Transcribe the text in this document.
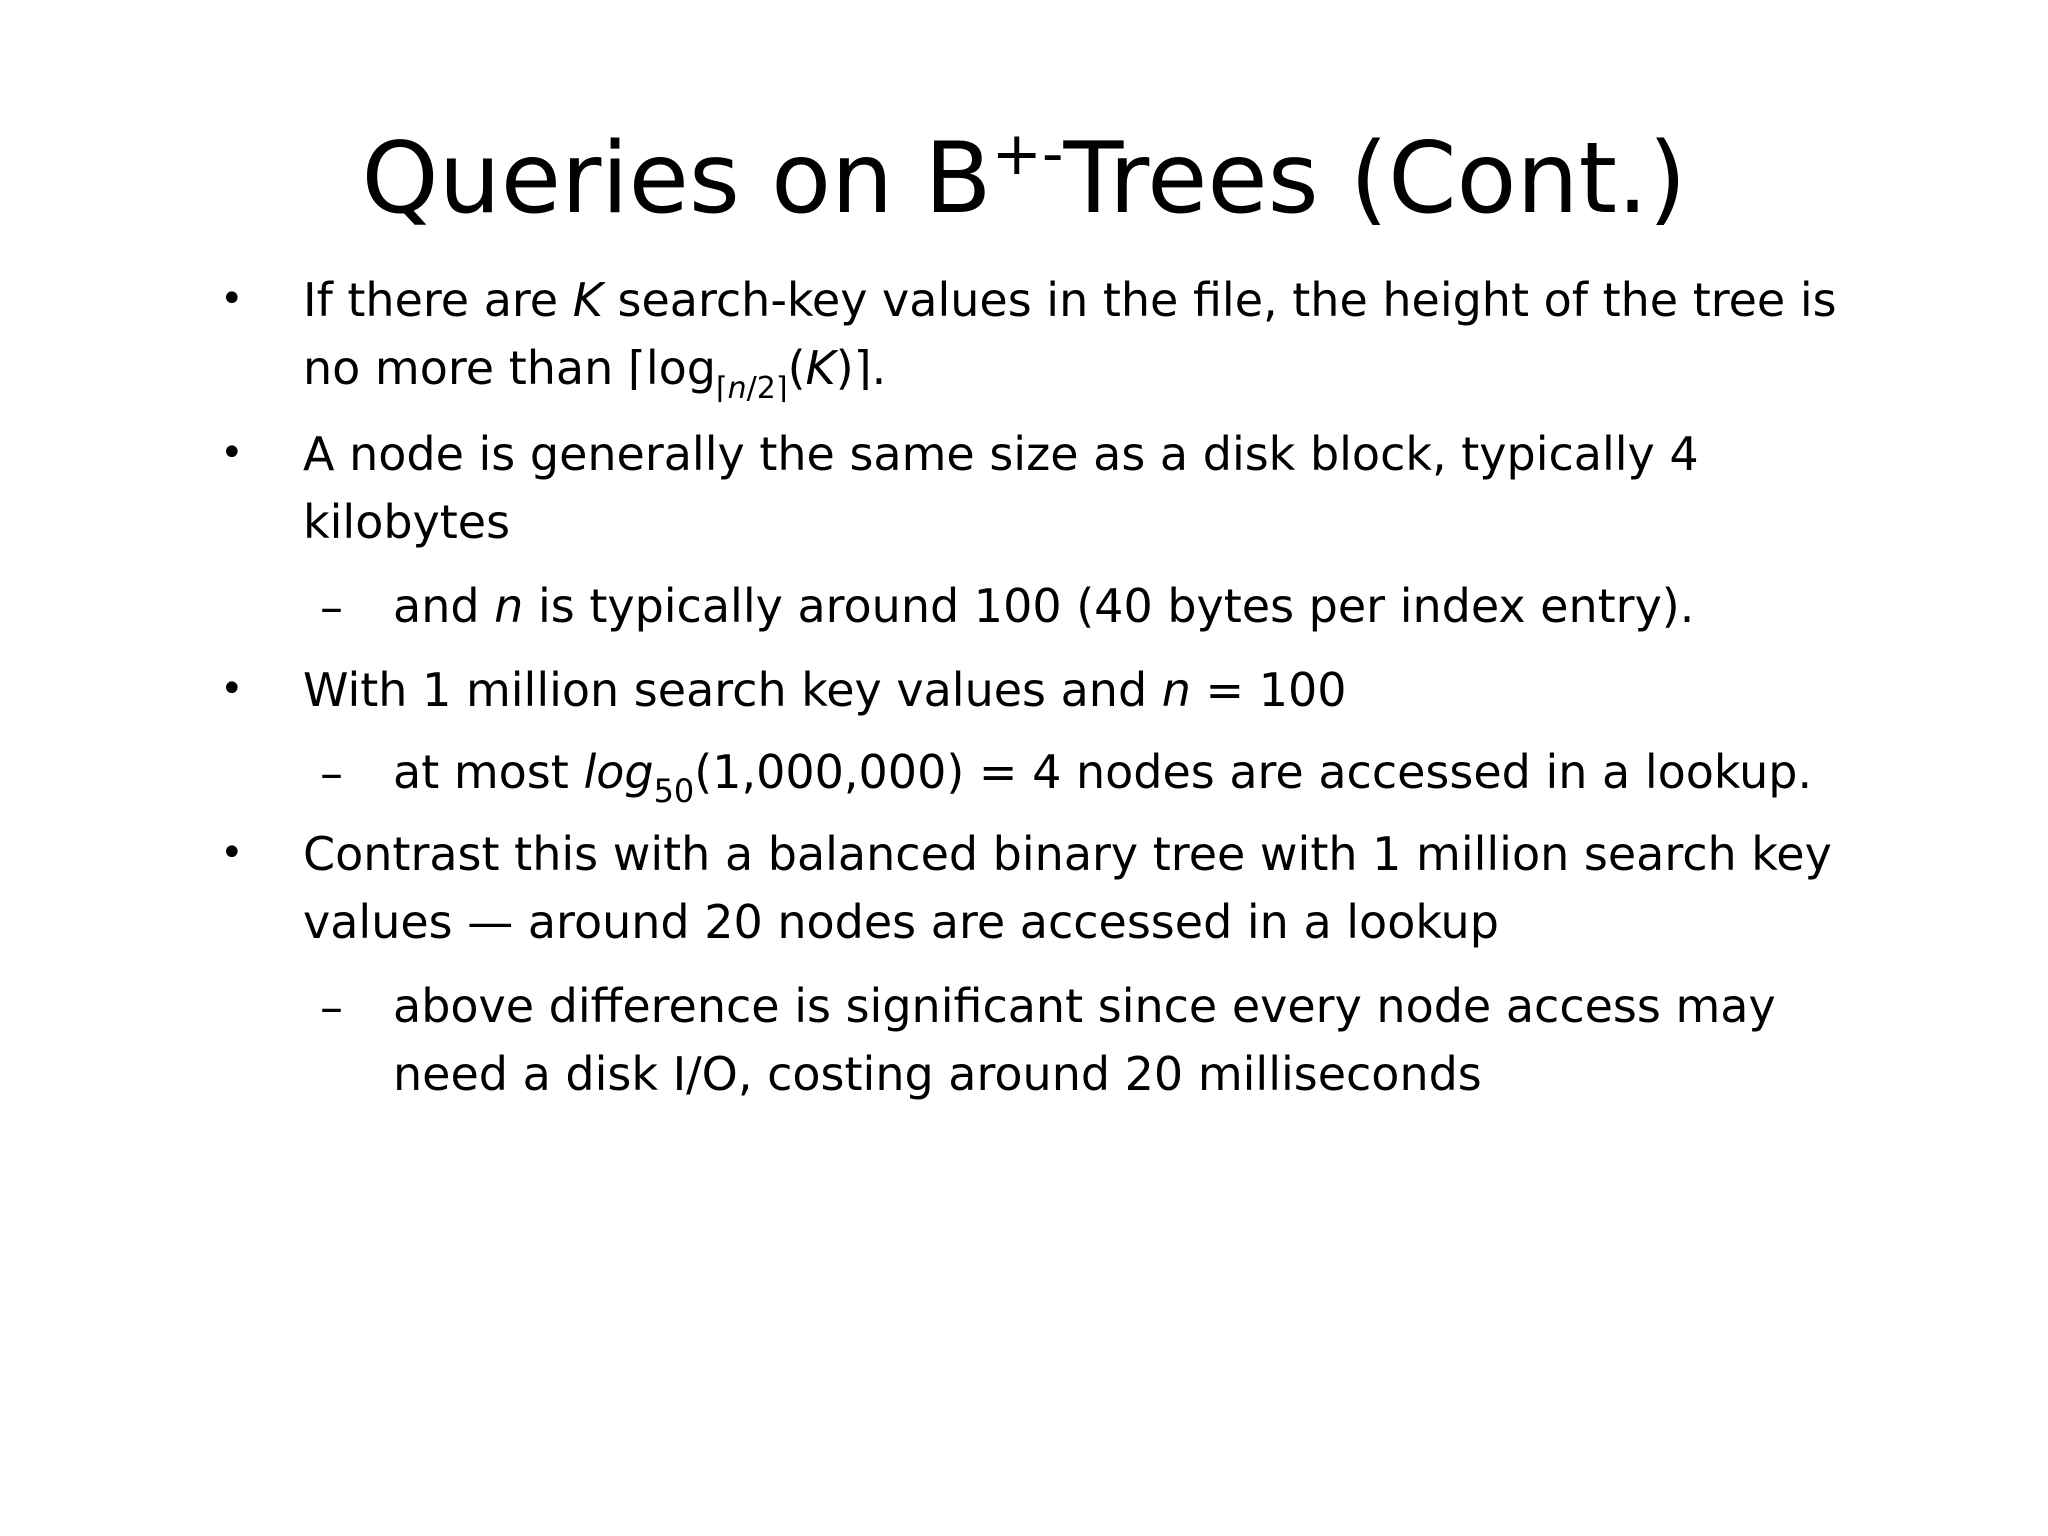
Queries on B+-Trees (Cont.)
• If there are K search-key values in the file, the height of the tree is
no more than $⌈\log_{⌈n/2⌉}(K)⌉$.
• A node is generally the same size as a disk block, typically 4
kilobytes
– and n is typically around 100 (40 bytes per index entry).
• With 1 million search key values and n = 100
– at most $\log_{50}(1,000,000) = 4$ nodes are accessed in a lookup.
• Contrast this with a balanced binary tree with 1 million search key
values — around 20 nodes are accessed in a lookup
– above difference is significant since every node access may
need a disk I/O, costing around 20 milliseconds
